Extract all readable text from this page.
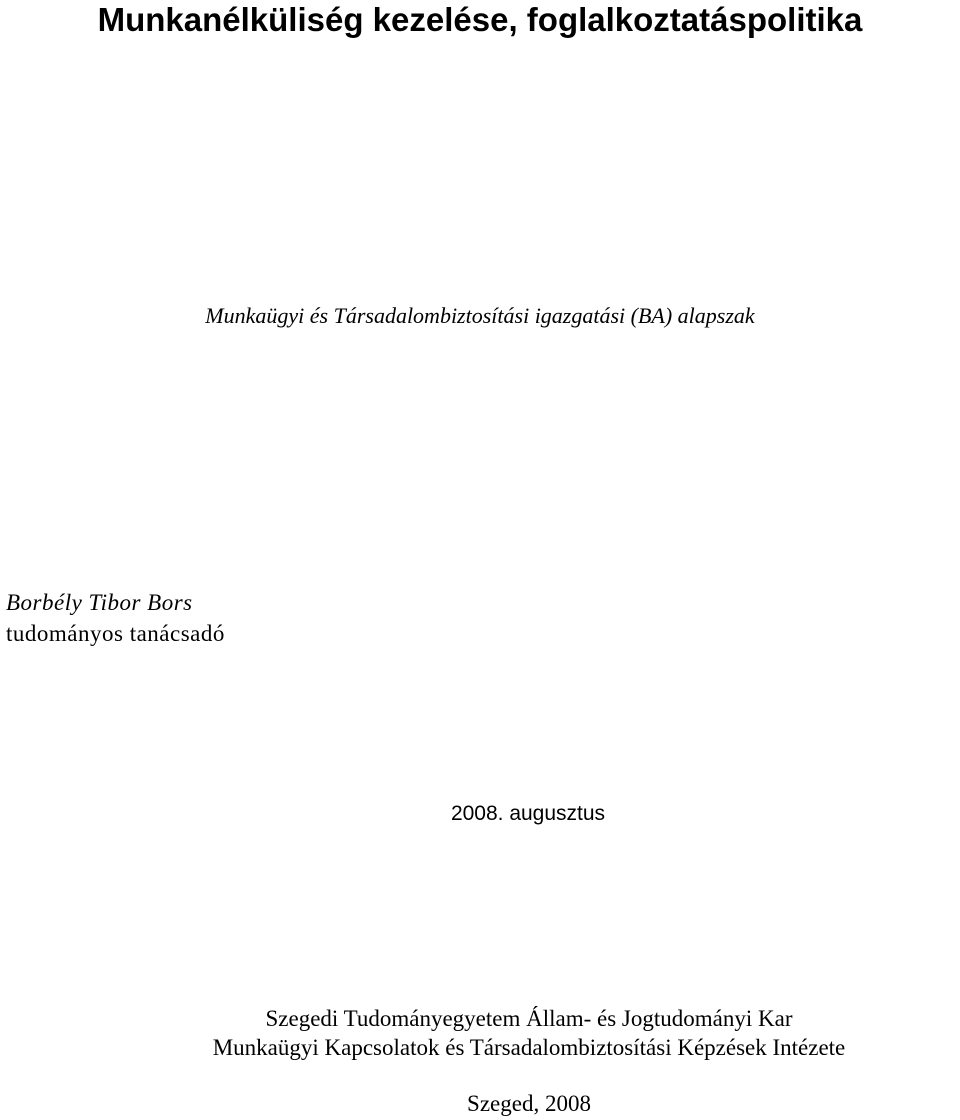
Munkanélküliség kezelése, foglalkoztatáspolitika
Munkaügyi és Társadalombiztosítási igazgatási (BA) alapszak
Borbély Tibor Bors
tudományos tanácsadó
2008. augusztus
Szegedi Tudományegyetem Állam- és Jogtudományi Kar
Munkaügyi Kapcsolatok és Társadalombiztosítási Képzések Intézete
Szeged, 2008
